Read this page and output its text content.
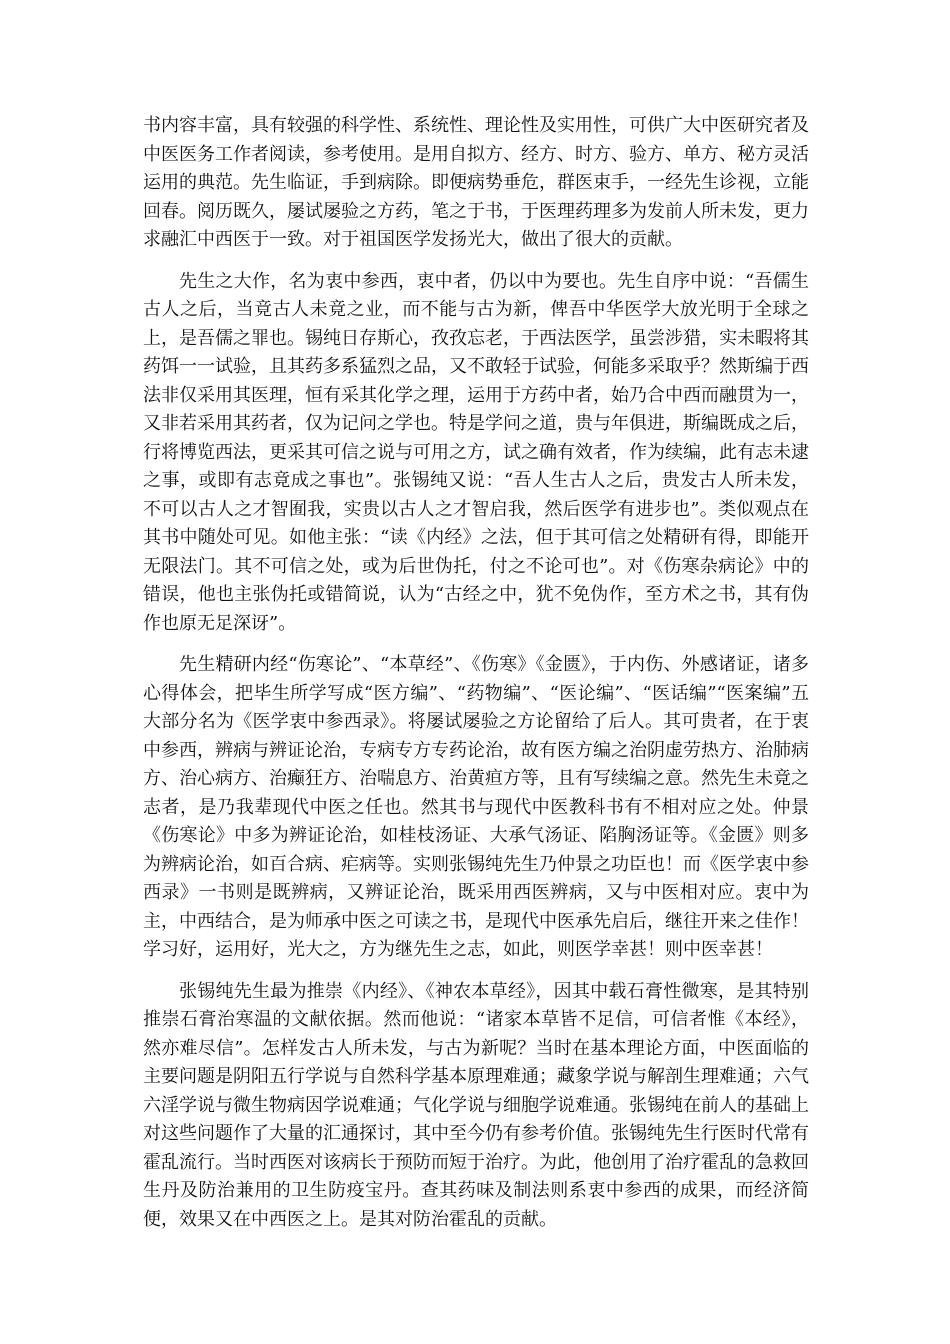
书内容丰富，具有较强的科学性、系统性、理论性及实用性，可供广大中医研究者及中医医务工作者阅读，参考使用。是用自拟方、经方、时方、验方、单方、秘方灵活运用的典范。先生临证，手到病除。即便病势垂危，群医束手，一经先生诊视，立能回春。阅历既久，屡试屡验之方药，笔之于书，于医理药理多为发前人所未发，更力求融汇中西医于一致。对于祖国医学发扬光大，做出了很大的贡献。

先生之大作，名为衷中参西，衷中者，仍以中为要也。先生自序中说：“吾儒生古人之后，当竟古人未竟之业，而不能与古为新，俾吾中华医学大放光明于全球之上，是吾儒之罪也。锡纯日存斯心，孜孜忘老，于西法医学，虽尝涉猎，实未暇将其药饵一一试验，且其药多系猛烈之品，又不敢轻于试验，何能多采取乎？然斯编于西法非仅采用其医理，恒有采其化学之理，运用于方药中者，始乃合中西而融贯为一，又非若采用其药者，仅为记问之学也。特是学问之道，贵与年俱进，斯编既成之后，行将博览西法，更采其可信之说与可用之方，试之确有效者，作为续编，此有志未逮之事，或即有志竟成之事也”。张锡纯又说：“吾人生古人之后，贵发古人所未发，不可以古人之才智囿我，实贵以古人之才智启我，然后医学有进步也”。类似观点在其书中随处可见。如他主张：“读《内经》之法，但于其可信之处精研有得，即能开无限法门。其不可信之处，或为后世伪托，付之不论可也”。对《伤寒杂病论》中的错误，他也主张伪托或错简说，认为“古经之中，犹不免伪作，至方术之书，其有伪作也原无足深讶”。

先生精研内经“伤寒论”、“本草经”、《伤寒》《金匮》，于内伤、外感诸证，诸多心得体会，把毕生所学写成“医方编”、“药物编”、“医论编”、“医话编”“医案编”五大部分名为《医学衷中参西录》。将屡试屡验之方论留给了后人。其可贵者，在于衷中参西，辨病与辨证论治，专病专方专药论治，故有医方编之治阴虚劳热方、治肺病方、治心病方、治癫狂方、治喘息方、治黄疸方等，且有写续编之意。然先生未竟之志者，是乃我辈现代中医之任也。然其书与现代中医教科书有不相对应之处。仲景《伤寒论》中多为辨证论治，如桂枝汤证、大承气汤证、陷胸汤证等。《金匮》则多为辨病论治，如百合病、疟病等。实则张锡纯先生乃仲景之功臣也！而《医学衷中参西录》一书则是既辨病，又辨证论治，既采用西医辨病，又与中医相对应。衷中为主，中西结合，是为师承中医之可读之书，是现代中医承先启后，继往开来之佳作！学习好，运用好，光大之，方为继先生之志，如此，则医学幸甚！则中医幸甚！

张锡纯先生最为推崇《内经》、《神农本草经》，因其中载石膏性微寒，是其特别推崇石膏治寒温的文献依据。然而他说：“诸家本草皆不足信，可信者惟《本经》，然亦难尽信”。怎样发古人所未发，与古为新呢？当时在基本理论方面，中医面临的主要问题是阴阳五行学说与自然科学基本原理难通；藏象学说与解剖生理难通；六气六淫学说与微生物病因学说难通；气化学说与细胞学说难通。张锡纯在前人的基础上对这些问题作了大量的汇通探讨，其中至今仍有参考价值。张锡纯先生行医时代常有霍乱流行。当时西医对该病长于预防而短于治疗。为此，他创用了治疗霍乱的急救回生丹及防治兼用的卫生防疫宝丹。查其药味及制法则系衷中参西的成果，而经济简便，效果又在中西医之上。是其对防治霍乱的贡献。
